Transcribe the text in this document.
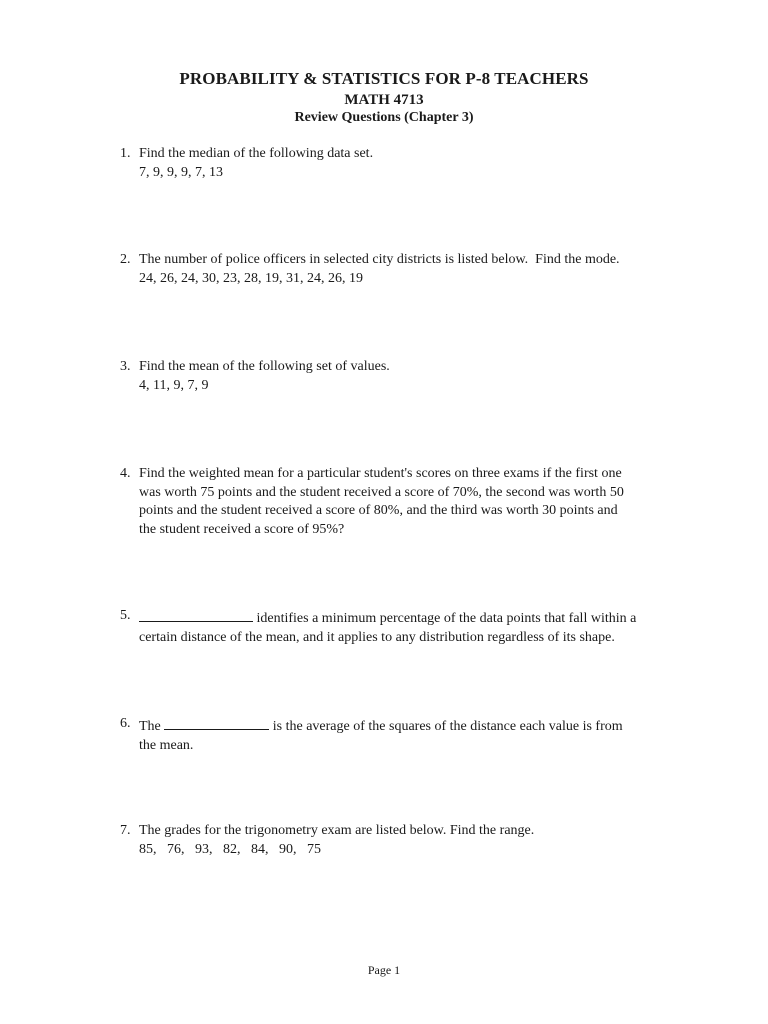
PROBABILITY & STATISTICS FOR P-8 TEACHERS
MATH 4713
Review Questions (Chapter 3)
1. Find the median of the following data set.
7, 9, 9, 9, 7, 13
2. The number of police officers in selected city districts is listed below.  Find the mode.
24, 26, 24, 30, 23, 28, 19, 31, 24, 26, 19
3. Find the mean of the following set of values.
4, 11, 9, 7, 9
4. Find the weighted mean for a particular student's scores on three exams if the first one
was worth 75 points and the student received a score of 70%, the second was worth 50
points and the student received a score of 80%, and the third was worth 30 points and
the student received a score of 95%?
5.	identifies a minimum percentage of the data points that fall within a
certain distance of the mean, and it applies to any distribution regardless of its shape.
6. The	is the average of the squares of the distance each value is from
the mean.
7. The grades for the trigonometry exam are listed below. Find the range.
85,   76,   93,   82,   84,   90,   75
Page 1
